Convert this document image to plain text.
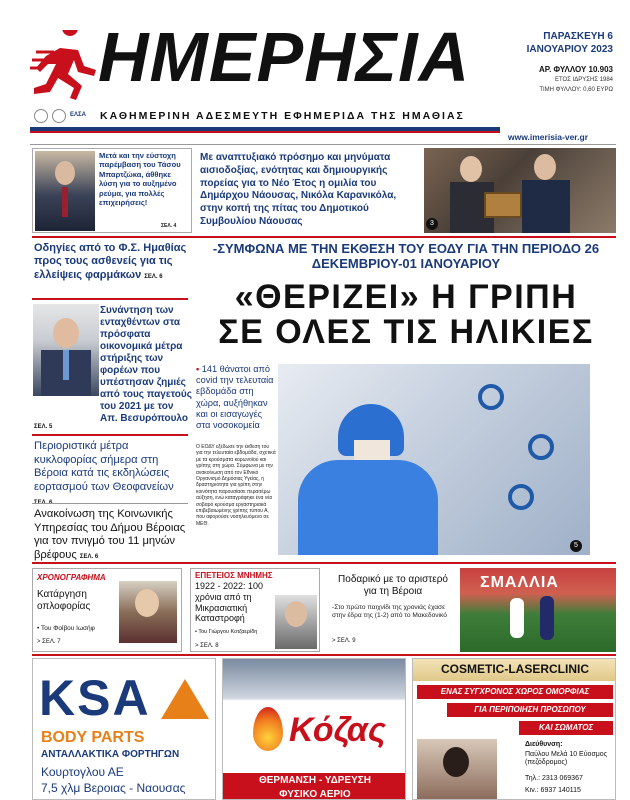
ΗΜΕΡΗΣΙΑ	ΠΑΡΑΣΚΕΥΗ 6
ΙΑΝΟΥΑΡΙΟΥ 2023
ΑΡ. ΦΥΛΛΟΥ 10.903
ΕΤΟΣ ΙΔΡΥΣΗΣ 1984
ΤΙΜΗ ΦΥΛΛΟΥ: 0,60 ΕΥΡΩ
ΕΛΣΑ ΚΑΘΗΜΕΡΙΝΗ ΑΔΕΣΜΕΥΤΗ ΕΦΗΜΕΡΙΔΑ ΤΗΣ ΗΜΑΘΙΑΣ
www.imerisia-ver.gr
Μετά και την εύστοχη παρέμβαση του Τάσου Μπαρτζώκα, άθθηκε λύση για το αυξημένο ρεύμα, για πολλές επιχειρήσεις!
ΣΕΛ. 4
Με αναπτυξιακό πρόσημο και μηνύματα αισιοδοξίας, ενότητας και δημιουργικής πορείας για το Νέο Έτος η ομιλία του Δημάρχου Νάουσας, Νικόλα Καρανικόλα, στην κοπή της πίτας του Δημοτικού Συμβουλίου Νάουσας	3
Οδηγίες από το Φ.Σ. Ημαθίας προς τους ασθενείς για τις ελλείψεις φαρμάκων ΣΕΛ. 6
Συνάντηση των ενταχθέντων στα πρόσφατα οικονομικά μέτρα στήριξης των φορέων που υπέστησαν ζημιές από τους παγετούς του 2021 με τον Απ. Βεσυρόπουλο
ΣΕΛ. 5
Περιοριστικά μέτρα κυκλοφορίας σήμερα στη Βέροια κατά τις εκδηλώσεις εορτασμού των Θεοφανείων
Ανακοίνωση της Κοινωνικής Υπηρεσίας του Δήμου Βέροιας για τον πνιγμό του 11 μηνών βρέφους ΣΕΛ. 6
-ΣΥΜΦΩΝΑ ΜΕ ΤΗΝ ΕΚΘΕΣΗ ΤΟΥ ΕΟΔΥ ΓΙΑ ΤΗΝ ΠΕΡΙΟΔΟ 26 ΔΕΚΕΜΒΡΙΟΥ-01 ΙΑΝΟΥΑΡΙΟΥ
«ΘΕΡΙΖΕΙ» Η ΓΡΙΠΗ
ΣΕ ΟΛΕΣ ΤΙΣ ΗΛΙΚΙΕΣ
• 141 θάνατοι από covid την τελευταία εβδομάδα στη χώρα, αυξήθηκαν και οι εισαγωγές στα νοσοκομεία
Ο ΕΟΔΥ εξέδωσε την έκθεση του για την τελευταία εβδομάδα, σχετικά με τα κρούσματα κορωνοϊού και γρίπης στη χώρα. Σύμφωνα με την ανακοίνωση από τον Εθνικό Οργανισμό Δημόσιας Υγείας, η δραστηριότητα για γρίπη στην κοινότητα παρουσίασε περαιτέρω αύξηση, ενώ καταγράφηκε ένα νέο σοβαρό κρούσμα εργαστηριακά επιβεβαιωμένης γρίπης τύπου Α, που αφορούσε νοσηλευόμενο σε ΜΕΘ.
5
ΧΡΟΝΟΓΡΑΦΗΜΑ
Κατάργηση οπλοφορίας
• Του Φοίβου Ιωσήφ
> ΣΕΛ. 7
ΕΠΕΤΕΙΟΣ ΜΝΗΜΗΣ
1922 - 2022: 100 χρόνια από τη Μικρασιατική Καταστροφή
• Του Γιώργου Κοτζαερίδη
> ΣΕΛ. 8
Ποδαρικό με το αριστερό για τη Βέροια
-Στο πρώτο παιχνίδι της χρονιάς έχασε στην έδρα της (1-2) από το Μακεδονικό
> ΣΕΛ. 9
ΣΜΑΛΛΙΑ
KSA
BODY PARTS
ΑΝΤΑΛΛΑΚΤΙΚΑ ΦΟΡΤΗΓΩΝ
Κουρτογλου ΑΕ
7,5 χλμ Βεροιας - Ναουσας
Κόζας
ΘΕΡΜΑΝΣΗ - ΥΔΡΕΥΣΗ
ΦΥΣΙΚΟ ΑΕΡΙΟ
COSMETIC-LASERCLINIC
ΕΝΑΣ ΣΥΓΧΡΟΝΟΣ ΧΩΡΟΣ ΟΜΟΡΦΙΑΣ
ΓΙΑ ΠΕΡΙΠΟΙΗΣΗ ΠΡΟΣΩΠΟΥ
ΚΑΙ ΣΩΜΑΤΟΣ
Διεύθυνση:
Παύλου Μελά 10 Εύοσμος (πεζόδρομος)
Τηλ.: 2313 069367
Κιν.: 6937 140115
